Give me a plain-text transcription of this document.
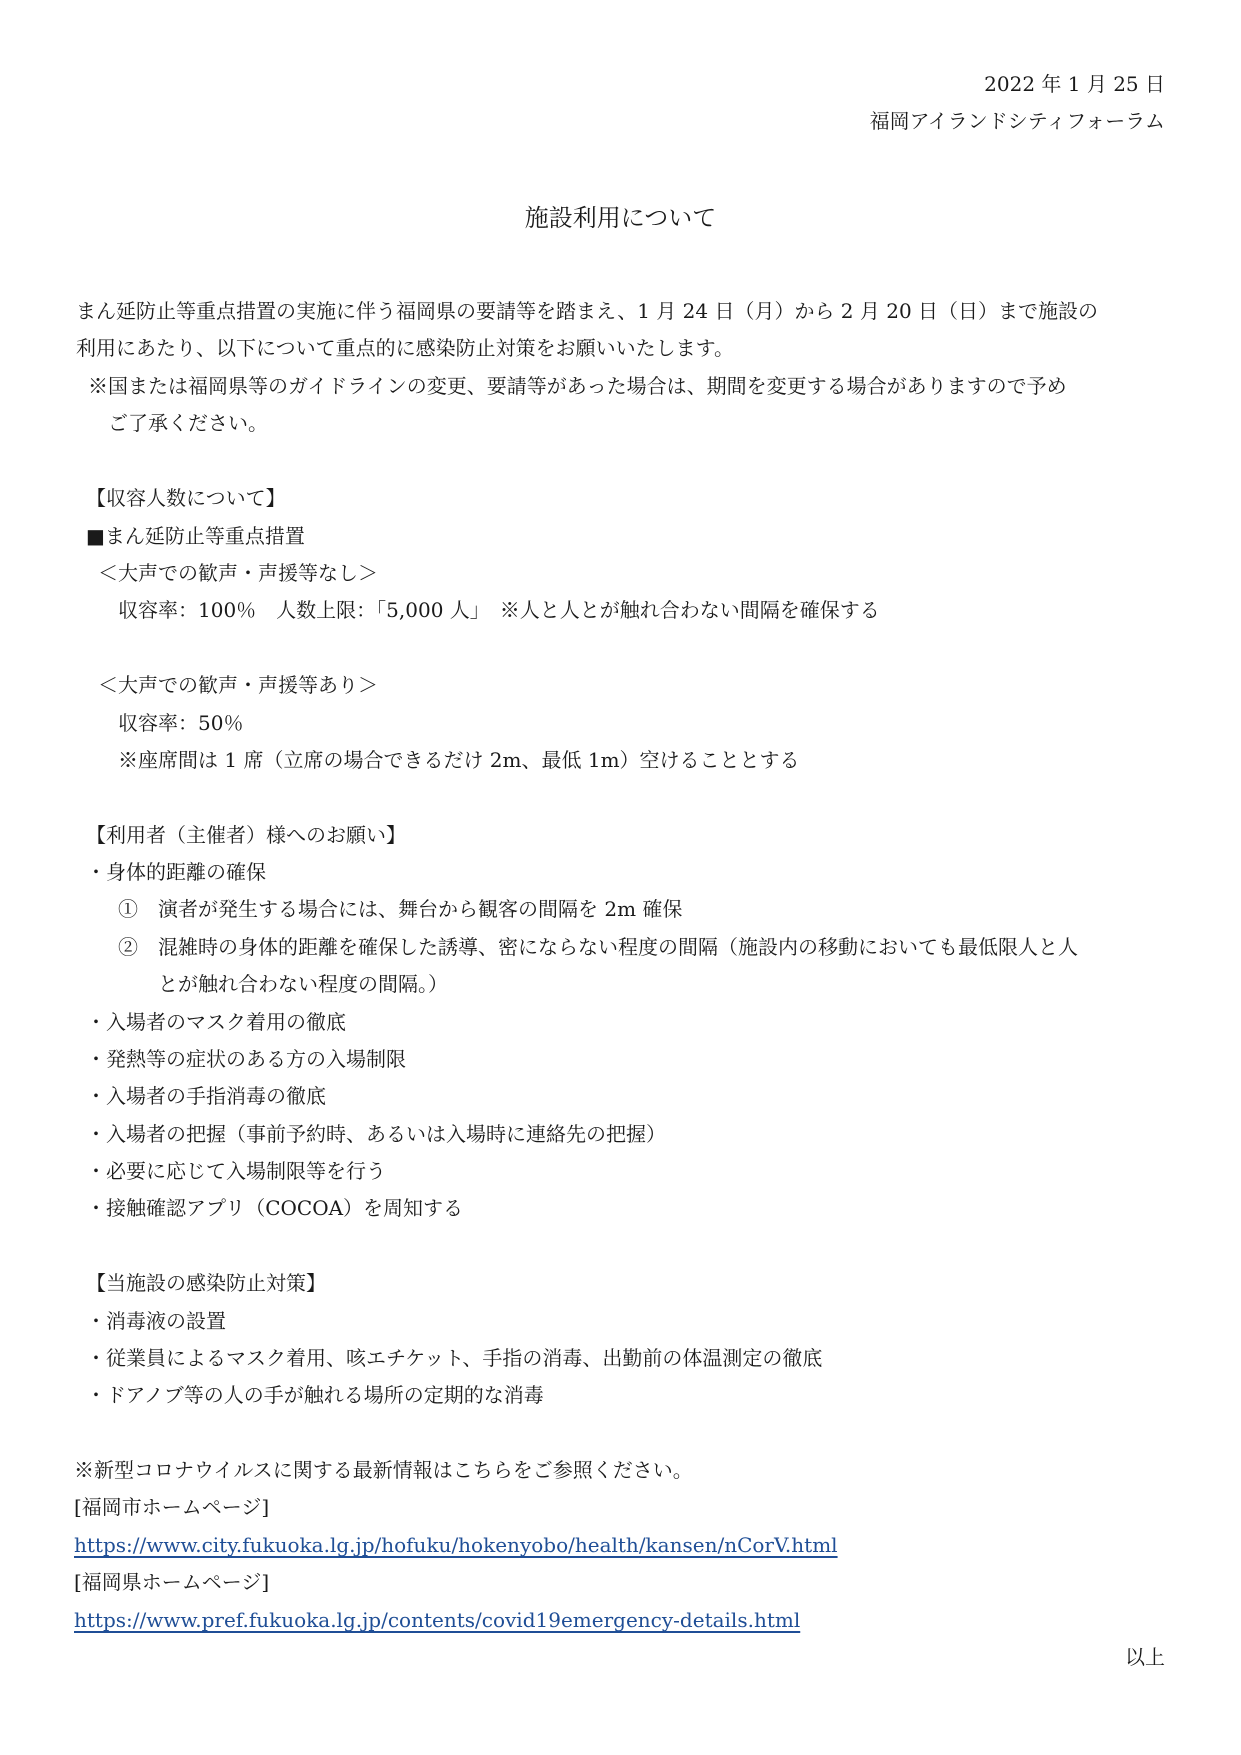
2022 年 1 月 25 日
福岡アイランドシティフォーラム
施設利用について
まん延防止等重点措置の実施に伴う福岡県の要請等を踏まえ、1 月 24 日（月）から 2 月 20 日（日）まで施設の
利用にあたり、以下について重点的に感染防止対策をお願いいたします。
※国または福岡県等のガイドラインの変更、要請等があった場合は、期間を変更する場合がありますので予め
ご了承ください。
【収容人数について】
■まん延防止等重点措置
＜大声での歓声・声援等なし＞
収容率：100％　人数上限：「5,000 人」　※人と人とが触れ合わない間隔を確保する
＜大声での歓声・声援等あり＞
収容率：50％
※座席間は 1 席（立席の場合できるだけ 2m、最低 1m）空けることとする
【利用者（主催者）様へのお願い】
・身体的距離の確保
①　演者が発生する場合には、舞台から観客の間隔を 2m 確保
②　混雑時の身体的距離を確保した誘導、密にならない程度の間隔（施設内の移動においても最低限人と人
とが触れ合わない程度の間隔。）
・入場者のマスク着用の徹底
・発熱等の症状のある方の入場制限
・入場者の手指消毒の徹底
・入場者の把握（事前予約時、あるいは入場時に連絡先の把握）
・必要に応じて入場制限等を行う
・接触確認アプリ（COCOA）を周知する
【当施設の感染防止対策】
・消毒液の設置
・従業員によるマスク着用、咳エチケット、手指の消毒、出勤前の体温測定の徹底
・ドアノブ等の人の手が触れる場所の定期的な消毒
※新型コロナウイルスに関する最新情報はこちらをご参照ください。
[福岡市ホームページ]
https://www.city.fukuoka.lg.jp/hofuku/hokenyobo/health/kansen/nCorV.html
[福岡県ホームページ]
https://www.pref.fukuoka.lg.jp/contents/covid19emergency-details.html
以上
